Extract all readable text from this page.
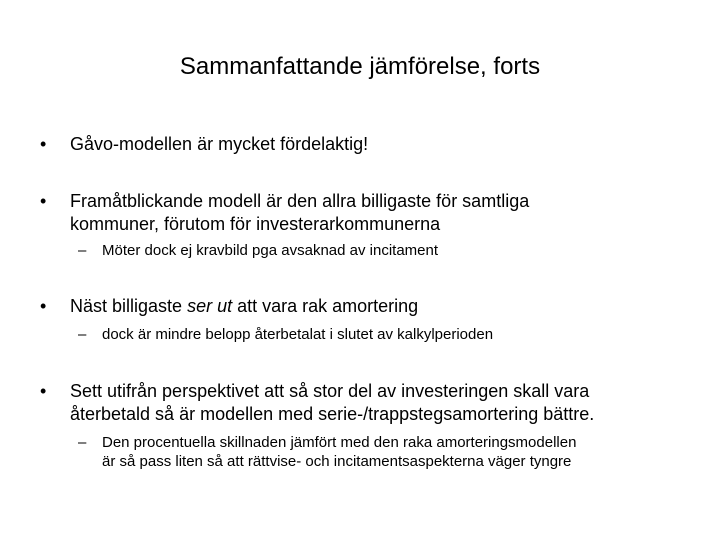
Sammanfattande jämförelse, forts
•	Gåvo-modellen är mycket fördelaktig!
•	Framåtblickande modell är den allra billigaste för samtliga
kommuner, förutom för investerarkommunerna
–	Möter dock ej kravbild pga avsaknad av incitament
•	Näst billigaste ser ut att vara rak amortering
–	dock är mindre belopp återbetalat i slutet av kalkylperioden
•	Sett utifrån perspektivet att så stor del av investeringen skall vara
återbetald så är modellen med serie-/trappstegsamortering bättre.
–	Den procentuella skillnaden jämfört med den raka amorteringsmodellen
är så pass liten så att rättvise- och incitamentsaspekterna väger tyngre
